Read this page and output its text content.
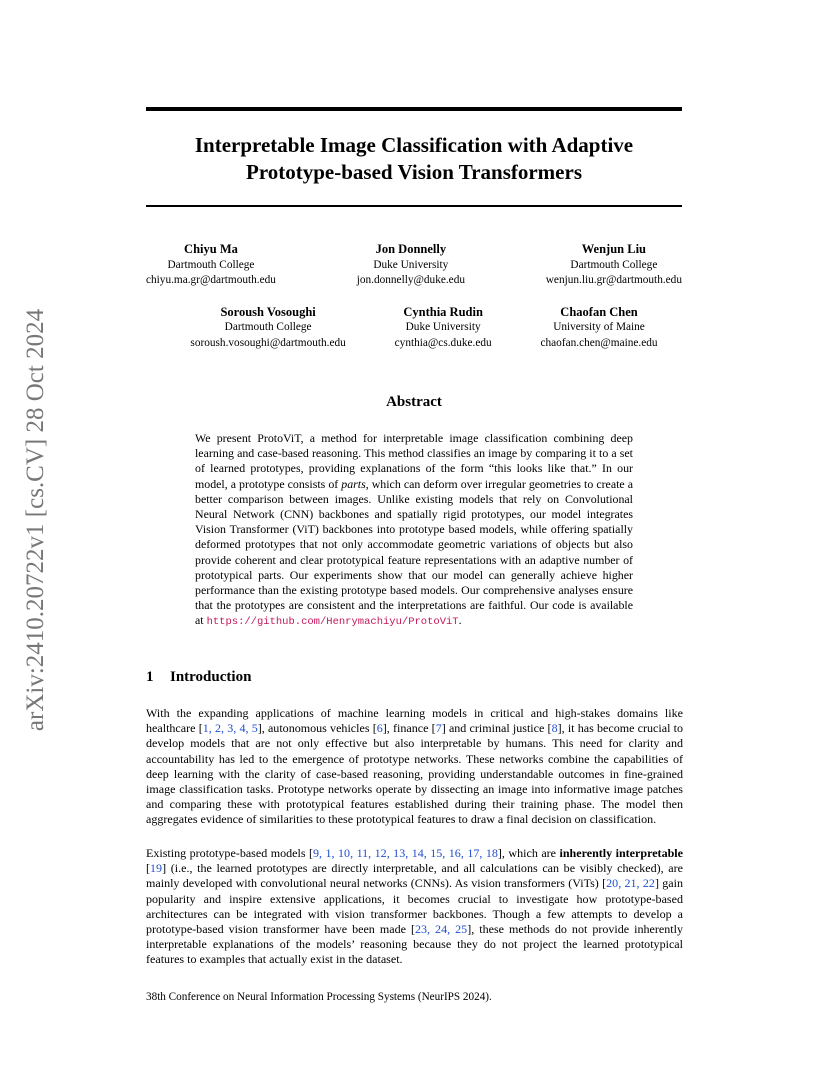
arXiv:2410.20722v1 [cs.CV] 28 Oct 2024
Interpretable Image Classification with Adaptive
Prototype-based Vision Transformers
Chiyu Ma
Dartmouth College
chiyu.ma.gr@dartmouth.edu
Jon Donnelly
Duke University
jon.donnelly@duke.edu
Wenjun Liu
Dartmouth College
wenjun.liu.gr@dartmouth.edu
Soroush Vosoughi
Dartmouth College
soroush.vosoughi@dartmouth.edu
Cynthia Rudin
Duke University
cynthia@cs.duke.edu
Chaofan Chen
University of Maine
chaofan.chen@maine.edu
Abstract

We present ProtoViT, a method for interpretable image classification combining deep learning and case-based reasoning. This method classifies an image by comparing it to a set of learned prototypes, providing explanations of the form “this looks like that.” In our model, a prototype consists of parts, which can deform over irregular geometries to create a better comparison between images. Unlike existing models that rely on Convolutional Neural Network (CNN) backbones and spatially rigid prototypes, our model integrates Vision Transformer (ViT) backbones into prototype based models, while offering spatially deformed prototypes that not only accommodate geometric variations of objects but also provide coherent and clear prototypical feature representations with an adaptive number of prototypical parts. Our experiments show that our model can generally achieve higher performance than the existing prototype based models. Our comprehensive analyses ensure that the prototypes are consistent and the interpretations are faithful. Our code is available at https://github.com/Henrymachiyu/ProtoViT.

1 Introduction

With the expanding applications of machine learning models in critical and high-stakes domains like healthcare [1, 2, 3, 4, 5], autonomous vehicles [6], finance [7] and criminal justice [8], it has become crucial to develop models that are not only effective but also interpretable by humans. This need for clarity and accountability has led to the emergence of prototype networks. These networks combine the capabilities of deep learning with the clarity of case-based reasoning, providing understandable outcomes in fine-grained image classification tasks. Prototype networks operate by dissecting an image into informative image patches and comparing these with prototypical features established during their training phase. The model then aggregates evidence of similarities to these prototypical features to draw a final decision on classification.

Existing prototype-based models [9, 1, 10, 11, 12, 13, 14, 15, 16, 17, 18], which are inherently interpretable [19] (i.e., the learned prototypes are directly interpretable, and all calculations can be visibly checked), are mainly developed with convolutional neural networks (CNNs). As vision transformers (ViTs) [20, 21, 22] gain popularity and inspire extensive applications, it becomes crucial to investigate how prototype-based architectures can be integrated with vision transformer backbones. Though a few attempts to develop a prototype-based vision transformer have been made [23, 24, 25], these methods do not provide inherently interpretable explanations of the models’ reasoning because they do not project the learned prototypical features to examples that actually exist in the dataset.

38th Conference on Neural Information Processing Systems (NeurIPS 2024).
